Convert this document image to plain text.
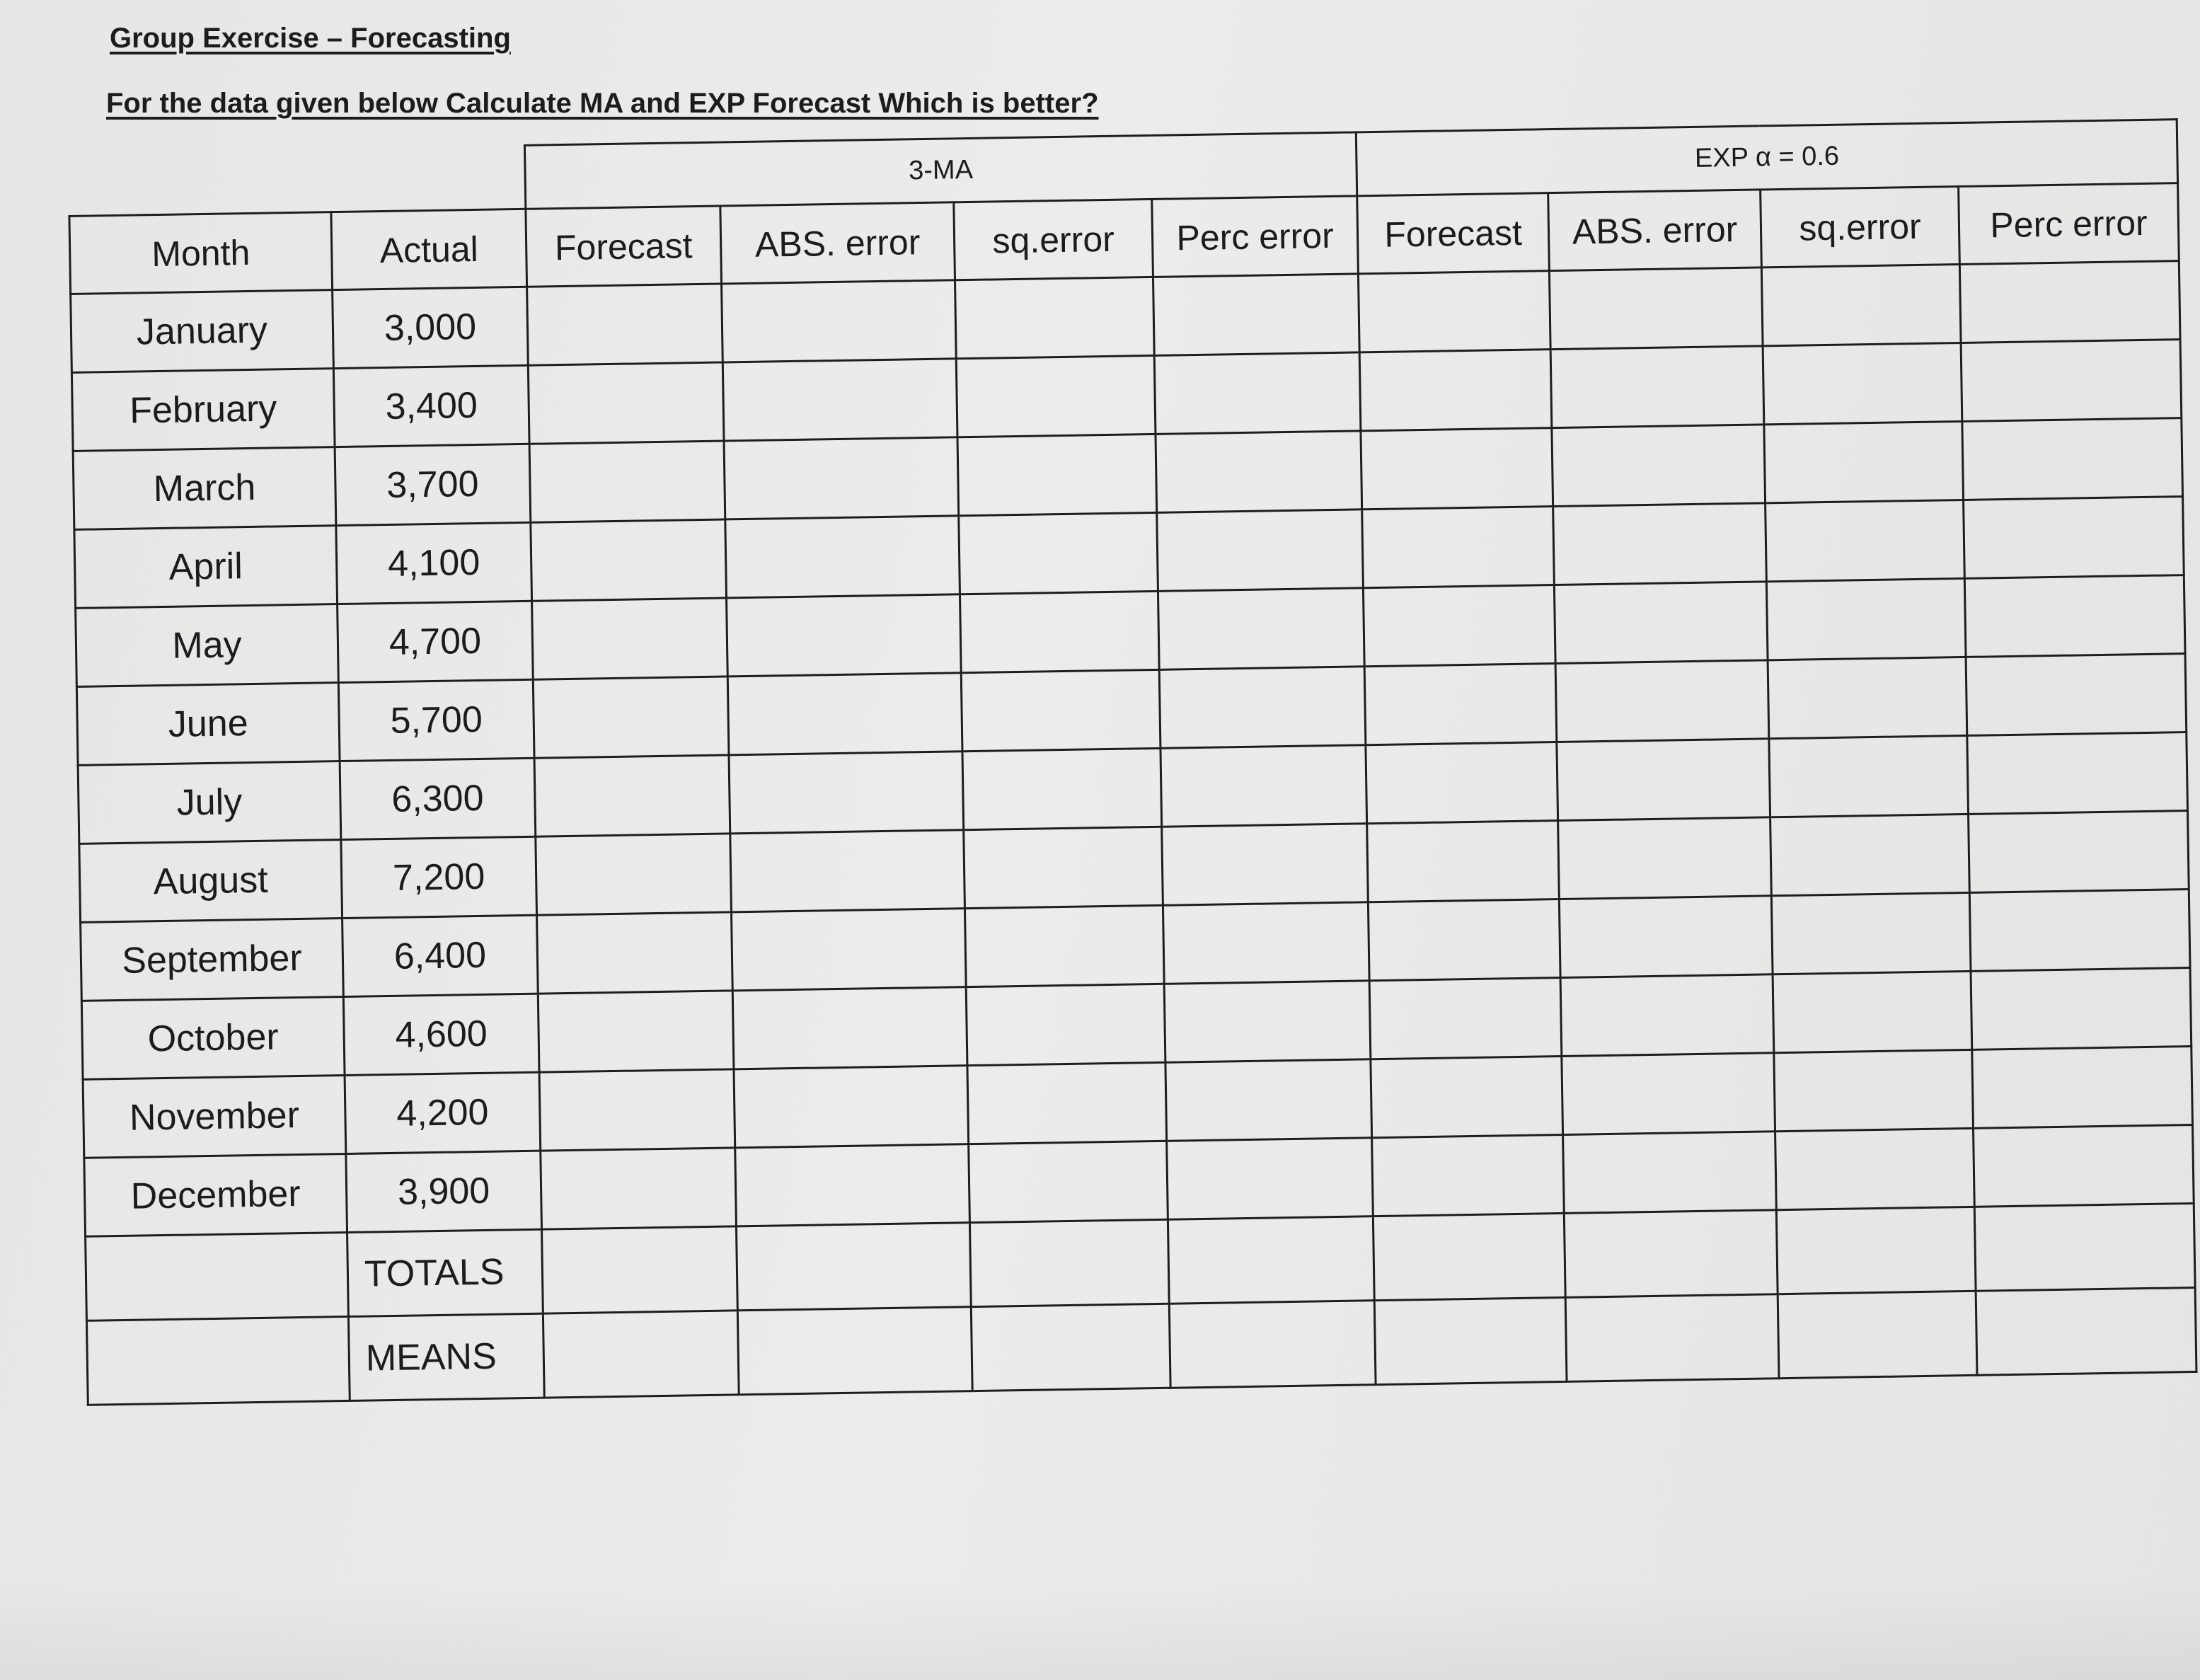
Group Exercise – Forecasting
For the data given below Calculate MA and EXP Forecast Which is better?
		3-MA				EXP α = 0.6			
Month	Actual	Forecast	ABS. error	sq.error	Perc error	Forecast	ABS. error	sq.error	Perc error
January	3,000								
February	3,400								
March	3,700								
April	4,100								
May	4,700								
June	5,700								
July	6,300								
August	7,200								
September	6,400								
October	4,600								
November	4,200								
December	3,900								
	TOTALS								
	MEANS								
